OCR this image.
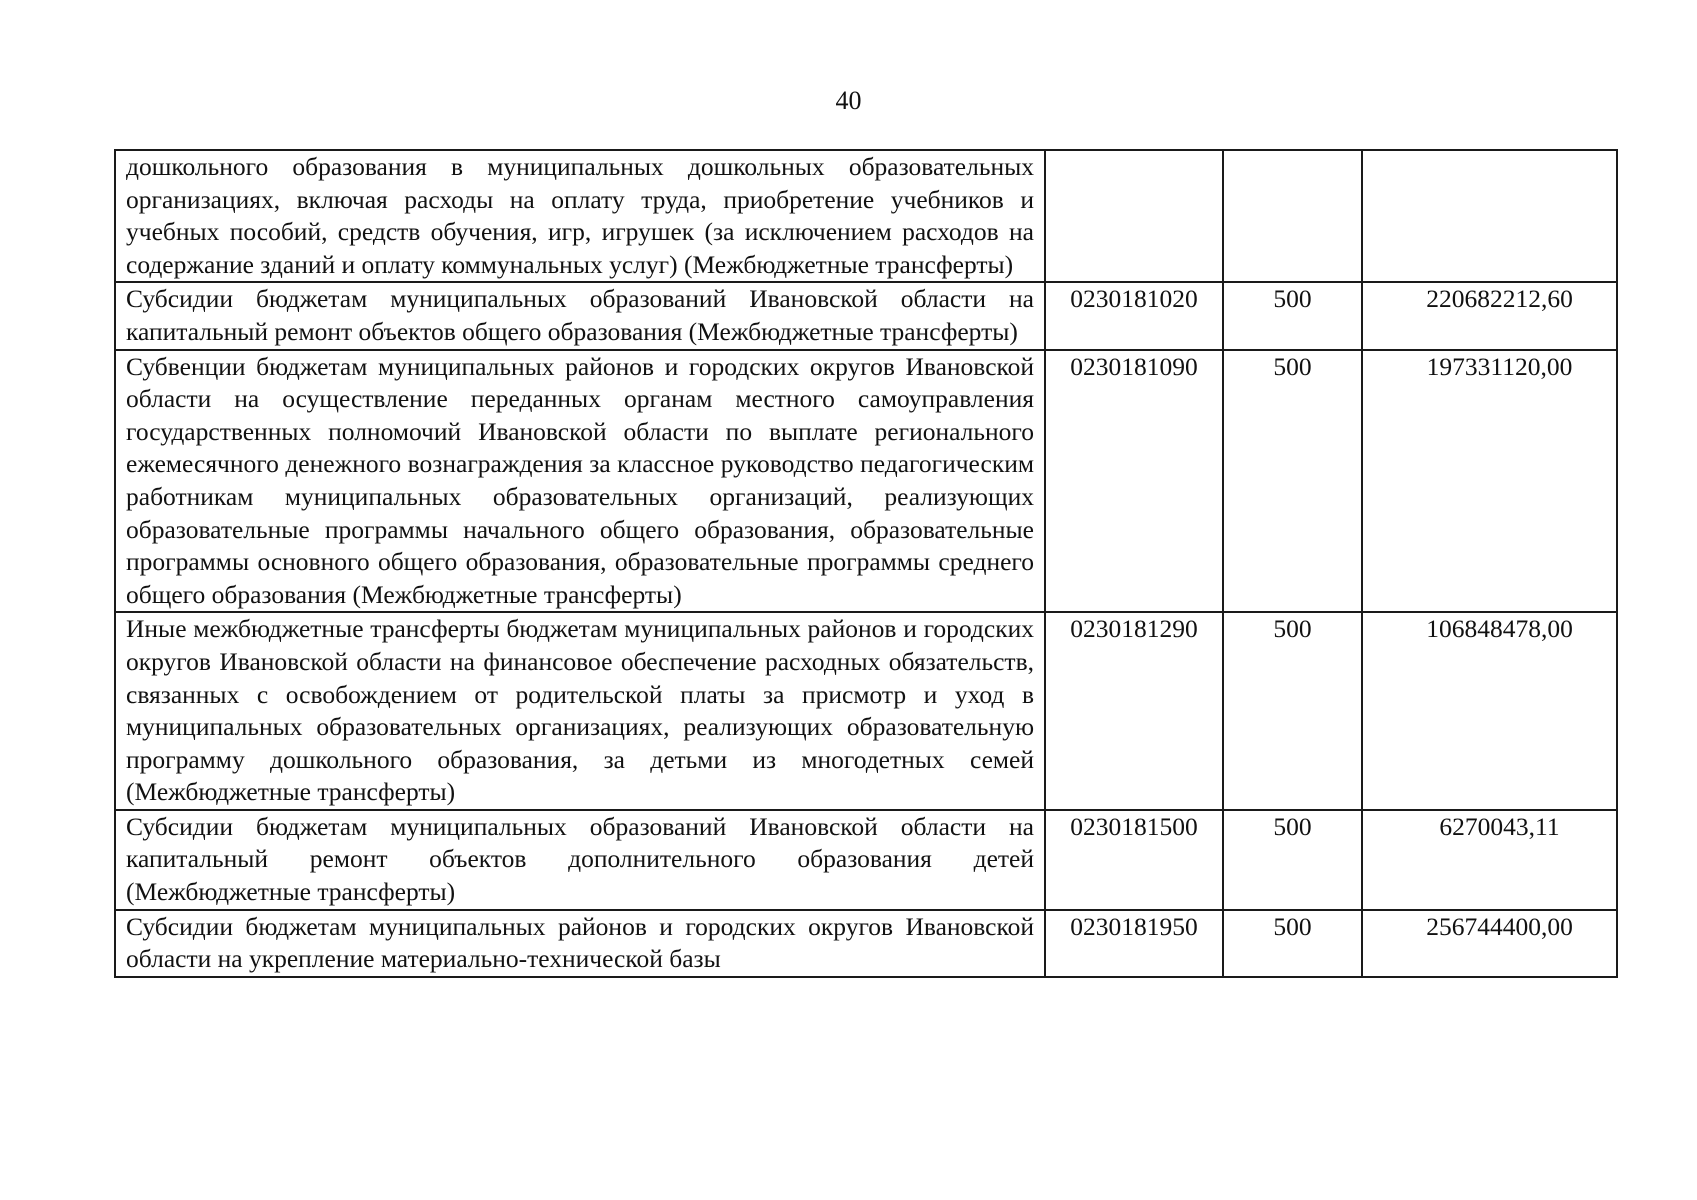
40
дошкольного образования в муниципальных дошкольных образовательных организациях, включая расходы на оплату труда, приобретение учебников и учебных пособий, средств обучения, игр, игрушек (за исключением расходов на содержание зданий и оплату коммунальных услуг) (Межбюджетные трансферты)			
Субсидии бюджетам муниципальных образований Ивановской области на капитальный ремонт объектов общего образования (Межбюджетные трансферты)	0230181020	500	220682212,60
Субвенции бюджетам муниципальных районов и городских округов Ивановской области на осуществление переданных органам местного самоуправления государственных полномочий Ивановской области по выплате регионального ежемесячного денежного вознаграждения за классное руководство педагогическим работникам муниципальных образовательных организаций, реализующих образовательные программы начального общего образования, образовательные программы основного общего образования, образовательные программы среднего общего образования (Межбюджетные трансферты)	0230181090	500	197331120,00
Иные межбюджетные трансферты бюджетам муниципальных районов и городских округов Ивановской области на финансовое обеспечение расходных обязательств, связанных с освобождением от родительской платы за присмотр и уход в муниципальных образовательных организациях, реализующих образовательную программу дошкольного образования, за детьми из многодетных семей (Межбюджетные трансферты)	0230181290	500	106848478,00
Субсидии бюджетам муниципальных образований Ивановской области на капитальный ремонт объектов дополнительного образования детей (Межбюджетные трансферты)	0230181500	500	6270043,11
Субсидии бюджетам муниципальных районов и городских округов Ивановской области на укрепление материально-технической базы	0230181950	500	256744400,00
